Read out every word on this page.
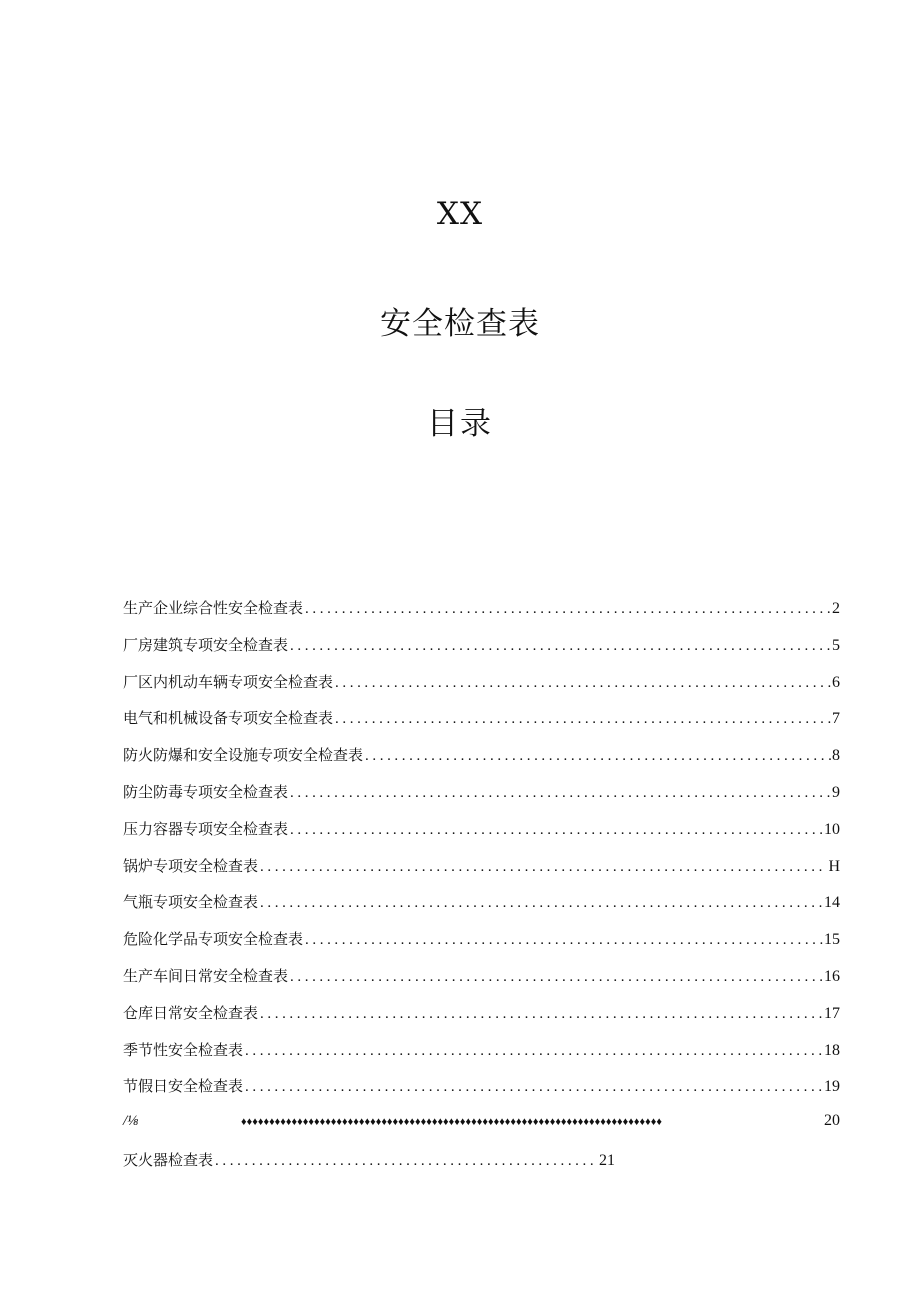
XX
安全检查表
目录
生产企业综合性安全检查表 .....	2
厂房建筑专项安全检查表 .....	5
厂区内机动车辆专项安全检查表 .....	6
电气和机械设备专项安全检查表 .....	7
防火防爆和安全设施专项安全检查表 .....	8
防尘防毒专项安全检查表 .....	9
压力容器专项安全检查表 .....	10
锅炉专项安全检查表 .....	H
气瓶专项安全检查表 .....	14
危险化学品专项安全检查表 .....	15
生产车间日常安全检查表 .....	16
仓库日常安全检查表 .....	17
季节性安全检查表 .....	18
节假日安全检查表 .....	19
/⅛ ♦♦♦♦♦♦♦♦♦♦♦♦♦♦♦♦♦♦♦♦♦♦♦♦♦♦♦♦♦♦♦♦♦♦♦♦♦♦♦♦♦♦♦♦♦♦♦♦♦♦♦♦♦♦♦♦♦♦♦♦♦♦♦♦♦♦♦♦♦♦♦♦♦♦♦	20
灭火器检查表 .....	21
